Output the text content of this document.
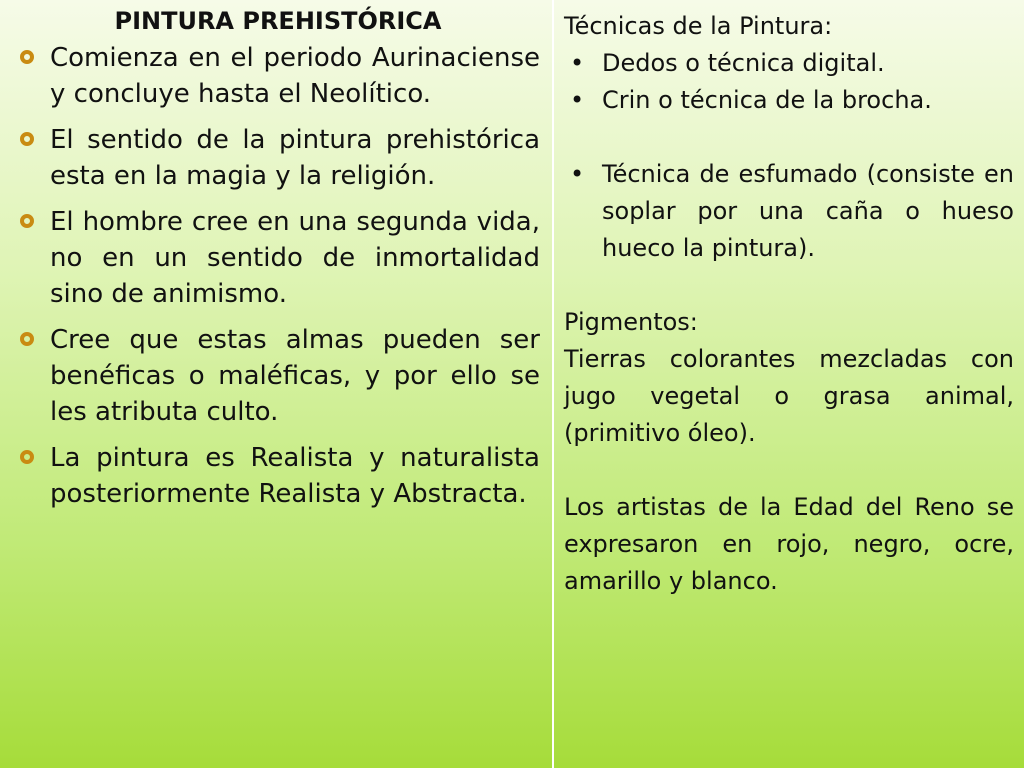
PINTURA PREHISTÓRICA
Comienza en el periodo Aurinaciense y concluye hasta el Neolítico.
El sentido de la pintura prehistórica esta en la magia y la religión.
El hombre cree en una segunda vida, no en un sentido de inmortalidad sino de animismo.
Cree que estas almas pueden ser benéficas o maléficas, y por ello se les atributa culto.
La pintura es Realista y naturalista posteriormente Realista y Abstracta.

Técnicas de la Pintura:

• Dedos o técnica digital.
• Crin o técnica de la brocha.
• Técnica de esfumado (consiste en soplar por una caña o hueso hueco la pintura).

Pigmentos:

Tierras colorantes mezcladas con jugo vegetal o grasa animal, (primitivo óleo).

Los artistas de la Edad del Reno se expresaron en rojo, negro, ocre, amarillo y blanco.
